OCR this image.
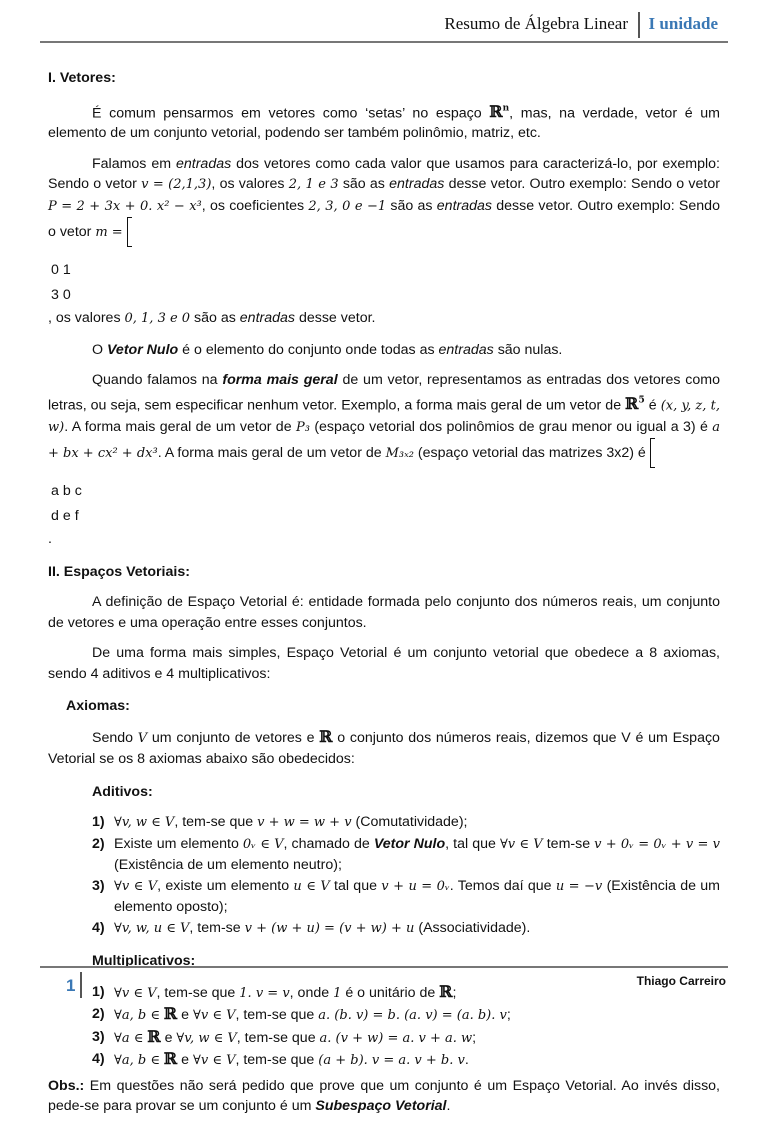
Resumo de Álgebra Linear I unidade
I. Vetores:

É comum pensarmos em vetores como ‘setas’ no espaço ℝ$^n$, mas, na verdade, vetor é um elemento de um conjunto vetorial, podendo ser também polinômio, matriz, etc.

Falamos em entradas dos vetores como cada valor que usamos para caracterizá-lo, por exemplo: Sendo o vetor v = (2,1,3), os valores 2, 1 e 3 são as entradas desse vetor. Outro exemplo: Sendo o vetor P = 2 + 3x + 0. x² − x³, os coeficientes 2, 3, 0 e −1 são as entradas desse vetor. Outro exemplo: Sendo o vetor m =

0	1
3	0
, os valores 0, 1, 3 e 0 são as entradas desse vetor.

O Vetor Nulo é o elemento do conjunto onde todas as entradas são nulas.

Quando falamos na forma mais geral de um vetor, representamos as entradas dos vetores como letras, ou seja, sem especificar nenhum vetor. Exemplo, a forma mais geral de um vetor de ℝ$^5$ é (x, y, z, t, w). A forma mais geral de um vetor de P₃ (espaço vetorial dos polinômios de grau menor ou igual a 3) é a + bx + cx² + dx³. A forma mais geral de um vetor de M₃ₓ₂ (espaço vetorial das matrizes 3x2) é

a	b	c
d	e	f
.

II. Espaços Vetoriais:

A definição de Espaço Vetorial é: entidade formada pelo conjunto dos números reais, um conjunto de vetores e uma operação entre esses conjuntos.

De uma forma mais simples, Espaço Vetorial é um conjunto vetorial que obedece a 8 axiomas, sendo 4 aditivos e 4 multiplicativos:

Axiomas:

Sendo V um conjunto de vetores e ℝ o conjunto dos números reais, dizemos que V é um Espaço Vetorial se os 8 axiomas abaixo são obedecidos:

Aditivos:
1) ∀v, w ∈ V, tem-se que v + w = w + v (Comutatividade);
2) Existe um elemento 0ᵥ ∈ V, chamado de Vetor Nulo, tal que ∀v ∈ V tem-se v + 0ᵥ = 0ᵥ + v = v (Existência de um elemento neutro);
3) ∀v ∈ V, existe um elemento u ∈ V tal que v + u = 0ᵥ. Temos daí que u = −v (Existência de um elemento oposto);
4) ∀v, w, u ∈ V, tem-se v + (w + u) = (v + w) + u (Associatividade).
Multiplicativos:
1) ∀v ∈ V, tem-se que 1. v = v, onde 1 é o unitário de ℝ;
2) ∀a, b ∈ ℝ e ∀v ∈ V, tem-se que a. (b. v) = b. (a. v) = (a. b). v;
3) ∀a ∈ ℝ e ∀v, w ∈ V, tem-se que a. (v + w) = a. v + a. w;
4) ∀a, b ∈ ℝ e ∀v ∈ V, tem-se que (a + b). v = a. v + b. v.

Obs.: Em questões não será pedido que prove que um conjunto é um Espaço Vetorial. Ao invés disso, pede-se para provar se um conjunto é um Subespaço Vetorial.

1	Thiago Carreiro
